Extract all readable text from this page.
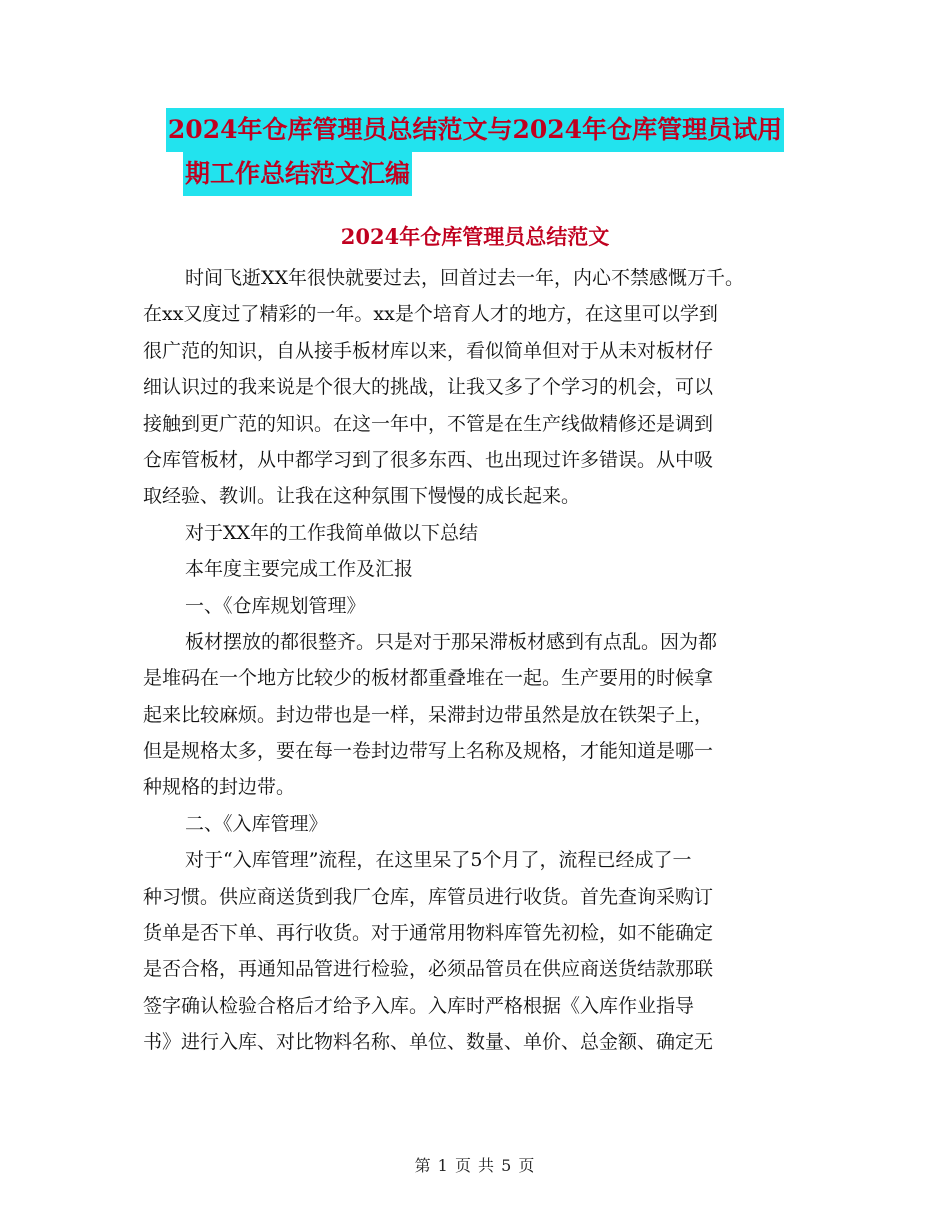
2024年仓库管理员总结范文与2024年仓库管理员试用
期工作总结范文汇编
2024年仓库管理员总结范文
时间飞逝XX年很快就要过去，回首过去一年，内心不禁感慨万千。
在xx又度过了精彩的一年。xx是个培育人才的地方，在这里可以学到
很广范的知识，自从接手板材库以来，看似简单但对于从未对板材仔
细认识过的我来说是个很大的挑战，让我又多了个学习的机会，可以
接触到更广范的知识。在这一年中，不管是在生产线做精修还是调到
仓库管板材，从中都学习到了很多东西、也出现过许多错误。从中吸
取经验、教训。让我在这种氛围下慢慢的成长起来。
对于XX年的工作我简单做以下总结
本年度主要完成工作及汇报
一、《仓库规划管理》
板材摆放的都很整齐。只是对于那呆滞板材感到有点乱。因为都
是堆码在一个地方比较少的板材都重叠堆在一起。生产要用的时候拿
起来比较麻烦。封边带也是一样，呆滞封边带虽然是放在铁架子上，
但是规格太多，要在每一卷封边带写上名称及规格，才能知道是哪一
种规格的封边带。
二、《入库管理》
对于“入库管理”流程，在这里呆了5个月了，流程已经成了一
种习惯。供应商送货到我厂仓库，库管员进行收货。首先查询采购订
货单是否下单、再行收货。对于通常用物料库管先初检，如不能确定
是否合格，再通知品管进行检验，必须品管员在供应商送货结款那联
签字确认检验合格后才给予入库。入库时严格根据《入库作业指导
书》进行入库、对比物料名称、单位、数量、单价、总金额、确定无
第 1 页 共 5 页
